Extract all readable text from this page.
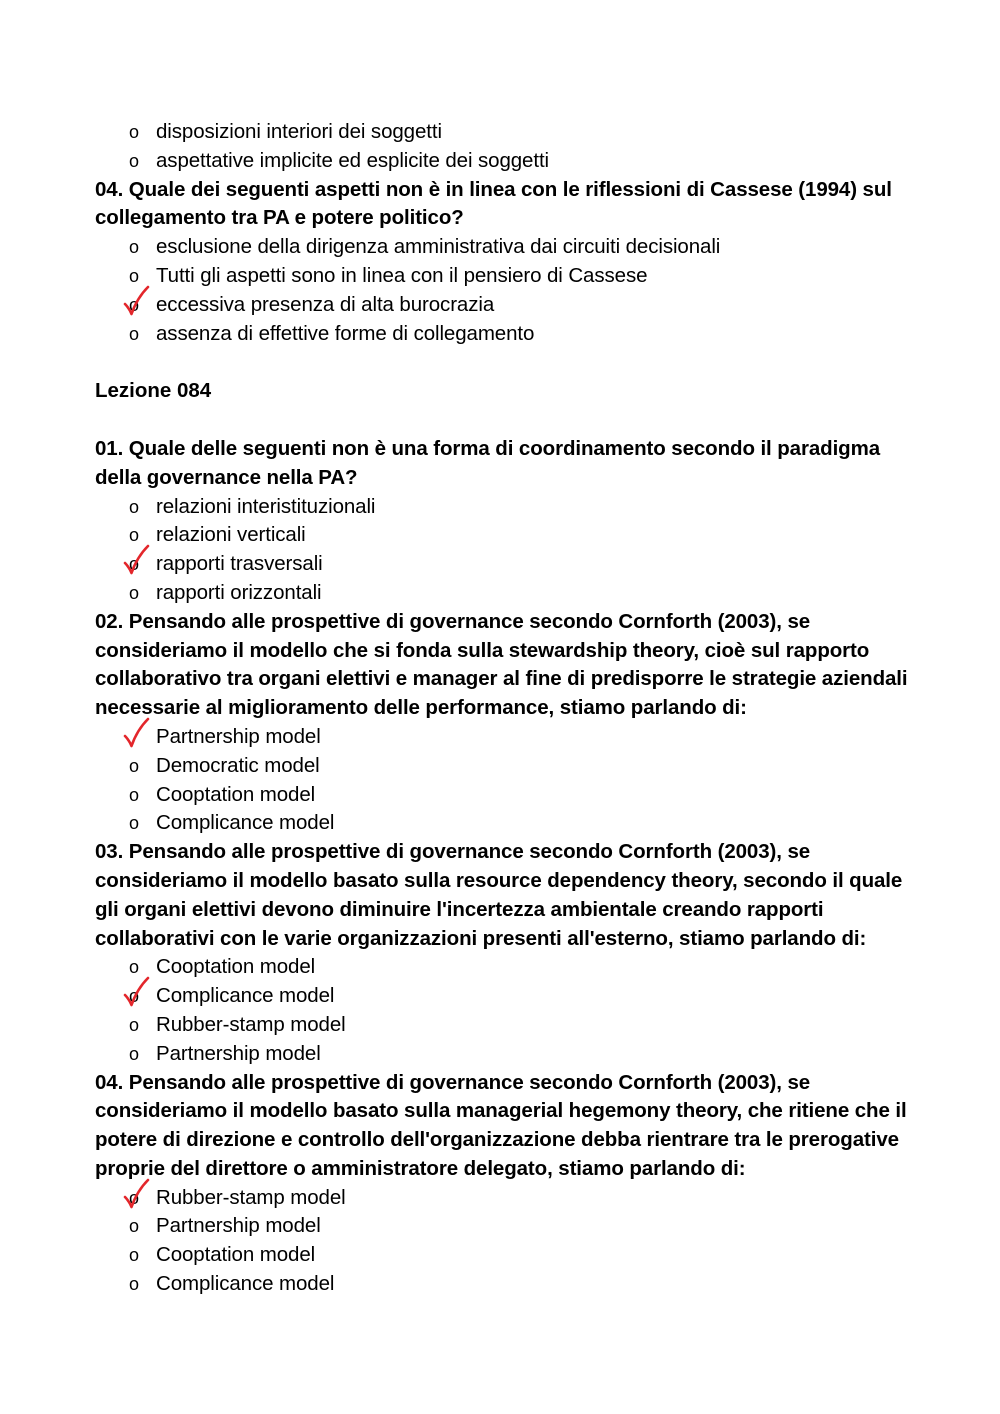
o disposizioni interiori dei soggetti
o aspettative implicite ed esplicite dei soggetti
04. Quale dei seguenti aspetti non è in linea con le riflessioni di Cassese (1994) sul collegamento tra PA e potere politico?
o esclusione della dirigenza amministrativa dai circuiti decisionali
o Tutti gli aspetti sono in linea con il pensiero di Cassese
o eccessiva presenza di alta burocrazia
o assenza di effettive forme di collegamento
Lezione 084
01. Quale delle seguenti non è una forma di coordinamento secondo il paradigma della governance nella PA?
o relazioni interistituzionali
o relazioni verticali
o rapporti trasversali
o rapporti orizzontali
02. Pensando alle prospettive di governance secondo Cornforth (2003), se consideriamo il modello che si fonda sulla stewardship theory, cioè sul rapporto collaborativo tra organi elettivi e manager al fine di predisporre le strategie aziendali necessarie al miglioramento delle performance, stiamo parlando di:
Partnership model
o Democratic model
o Cooptation model
o Complicance model
03. Pensando alle prospettive di governance secondo Cornforth (2003), se consideriamo il modello basato sulla resource dependency theory, secondo il quale gli organi elettivi devono diminuire l'incertezza ambientale creando rapporti collaborativi con le varie organizzazioni presenti all'esterno, stiamo parlando di:
o Cooptation model
o Complicance model
o Rubber-stamp model
o Partnership model
04. Pensando alle prospettive di governance secondo Cornforth (2003), se consideriamo il modello basato sulla managerial hegemony theory, che ritiene che il potere di direzione e controllo dell'organizzazione debba rientrare tra le prerogative proprie del direttore o amministratore delegato, stiamo parlando di:
o Rubber-stamp model
o Partnership model
o Cooptation model
o Complicance model
